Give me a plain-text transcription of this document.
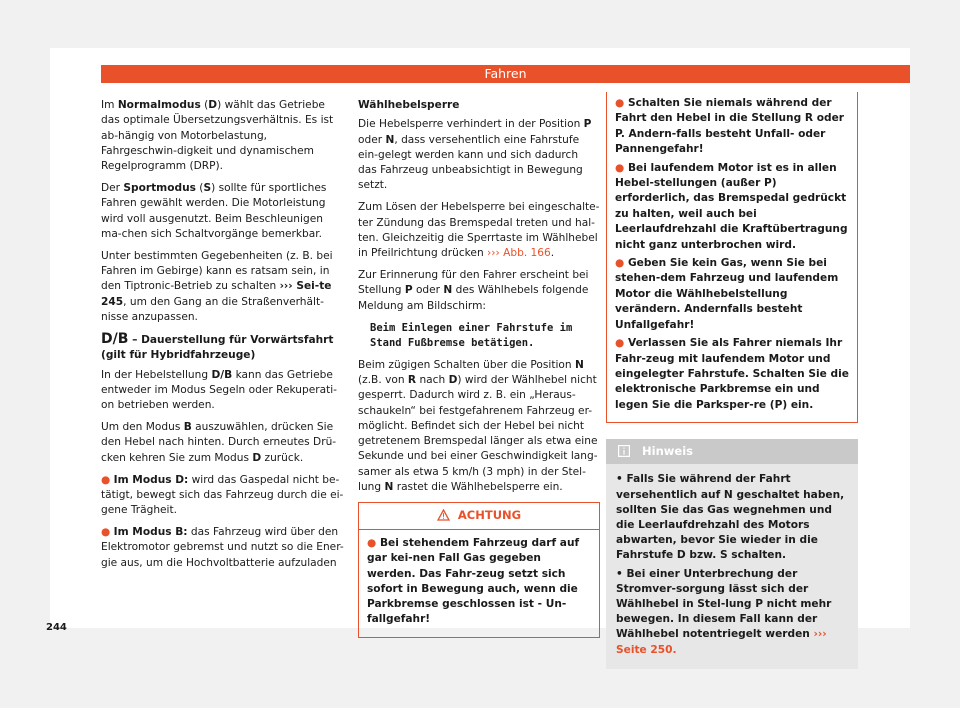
Fahren

Im Normalmodus (D) wählt das Getriebe das optimale Übersetzungsverhältnis. Es ist ab-hängig von Motorbelastung, Fahrgeschwin-digkeit und dynamischem Regelprogramm (DRP).

Der Sportmodus (S) sollte für sportliches Fahren gewählt werden. Die Motorleistung wird voll ausgenutzt. Beim Beschleunigen ma-chen sich Schaltvorgänge bemerkbar.

Unter bestimmten Gegebenheiten (z. B. bei Fahren im Gebirge) kann es ratsam sein, in den Tiptronic-Betrieb zu schalten ››› Sei-te 245, um den Gang an die Straßenverhält-nisse anzupassen.

D/B – Dauerstellung für Vorwärtsfahrt (gilt für Hybridfahrzeuge)

In der Hebelstellung D/B kann das Getriebe entweder im Modus Segeln oder Rekuperati-on betrieben werden.

Um den Modus B auszuwählen, drücken Sie den Hebel nach hinten. Durch erneutes Drü-cken kehren Sie zum Modus D zurück.

● Im Modus D: wird das Gaspedal nicht be-tätigt, bewegt sich das Fahrzeug durch die ei-gene Trägheit.

● Im Modus B: das Fahrzeug wird über den Elektromotor gebremst und nutzt so die Ener-gie aus, um die Hochvoltbatterie aufzuladen

Wählhebelsperre

Die Hebelsperre verhindert in der Position P oder N, dass versehentlich eine Fahrstufe ein-gelegt werden kann und sich dadurch das Fahrzeug unbeabsichtigt in Bewegung setzt.

Zum Lösen der Hebelsperre bei eingeschalte-ter Zündung das Bremspedal treten und hal-ten. Gleichzeitig die Sperrtaste im Wählhebel in Pfeilrichtung drücken ››› Abb. 166.

Zur Erinnerung für den Fahrer erscheint bei Stellung P oder N des Wählhebels folgende Meldung am Bildschirm:

Beim Einlegen einer Fahrstufe im
Stand Fußbremse betätigen.

Beim zügigen Schalten über die Position N (z.B. von R nach D) wird der Wählhebel nicht gesperrt. Dadurch wird z. B. ein „Heraus-schaukeln“ bei festgefahrenem Fahrzeug er-möglicht. Befindet sich der Hebel bei nicht getretenem Bremspedal länger als etwa eine Sekunde und bei einer Geschwindigkeit lang-samer als etwa 5 km/h (3 mph) in der Stel-lung N rastet die Wählhebelsperre ein.

ACHTUNG

● Bei stehendem Fahrzeug darf auf gar kei-nen Fall Gas gegeben werden. Das Fahr-zeug setzt sich sofort in Bewegung auch, wenn die Parkbremse geschlossen ist - Un-fallgefahr!

● Schalten Sie niemals während der Fahrt den Hebel in die Stellung R oder P. Andern-falls besteht Unfall- oder Pannengefahr!

● Bei laufendem Motor ist es in allen Hebel-stellungen (außer P) erforderlich, das Bremspedal gedrückt zu halten, weil auch bei Leerlaufdrehzahl die Kraftübertragung nicht ganz unterbrochen wird.

● Geben Sie kein Gas, wenn Sie bei stehen-dem Fahrzeug und laufendem Motor die Wählhebelstellung verändern. Andernfalls besteht Unfallgefahr!

● Verlassen Sie als Fahrer niemals Ihr Fahr-zeug mit laufendem Motor und eingelegter Fahrstufe. Schalten Sie die elektronische Parkbremse ein und legen Sie die Parksper-re (P) ein.

Hinweis

• Falls Sie während der Fahrt versehentlich auf N geschaltet haben, sollten Sie das Gas wegnehmen und die Leerlaufdrehzahl des Motors abwarten, bevor Sie wieder in die Fahrstufe D bzw. S schalten.

• Bei einer Unterbrechung der Stromver-sorgung lässt sich der Wählhebel in Stel-lung P nicht mehr bewegen. In diesem Fall kann der Wählhebel notentriegelt werden ››› Seite 250.

244
